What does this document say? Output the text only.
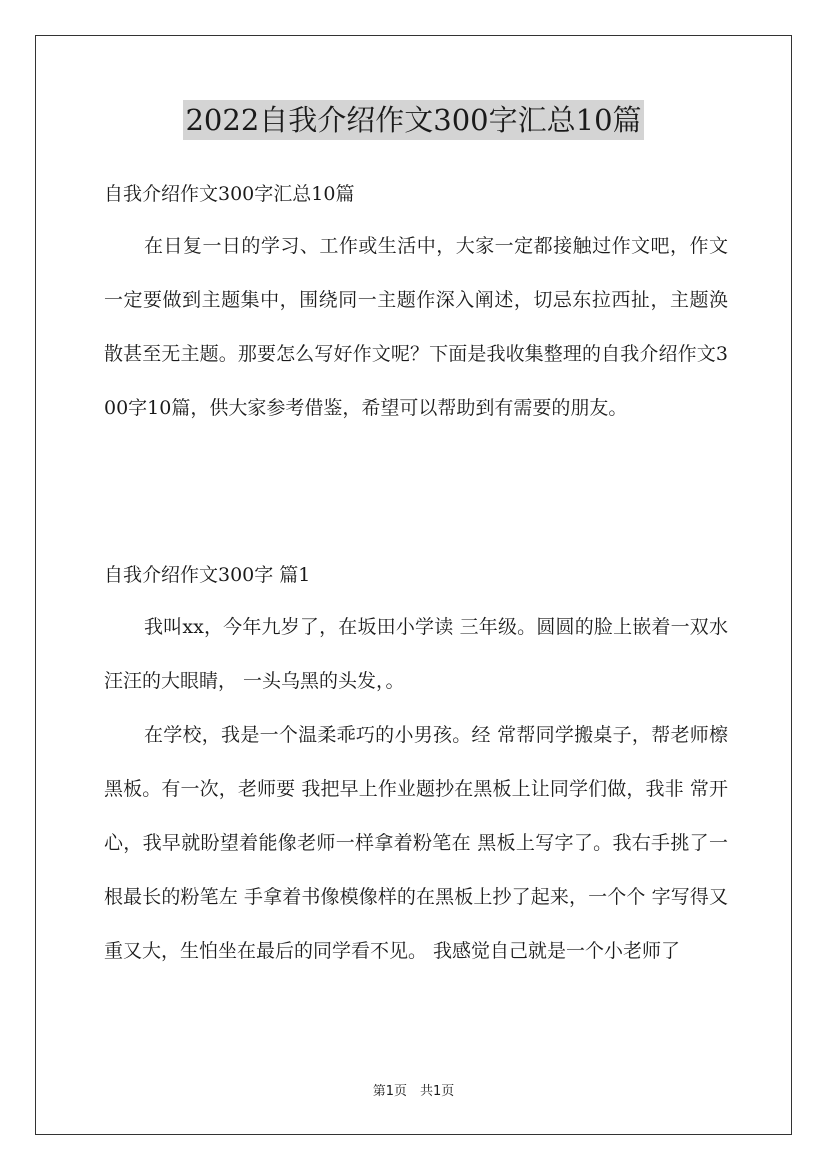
2022自我介绍作文300字汇总10篇
自我介绍作文300字汇总10篇
在日复一日的学习、工作或生活中，大家一定都接触过作文吧，作文一定要做到主题集中，围绕同一主题作深入阐述，切忌东拉西扯，主题涣散甚至无主题。那要怎么写好作文呢？下面是我收集整理的自我介绍作文300字10篇，供大家参考借鉴，希望可以帮助到有需要的朋友。
自我介绍作文300字 篇1
我叫xx，今年九岁了，在坂田小学读 三年级。圆圆的脸上嵌着一双水汪汪的大眼睛， 一头乌黑的头发，。
在学校，我是一个温柔乖巧的小男孩。经 常帮同学搬桌子，帮老师檫黑板。有一次，老师要 我把早上作业题抄在黑板上让同学们做，我非 常开心，我早就盼望着能像老师一样拿着粉笔在 黑板上写字了。我右手挑了一根最长的粉笔左 手拿着书像模像样的在黑板上抄了起来，一个个 字写得又重又大，生怕坐在最后的同学看不见。 我感觉自己就是一个小老师了
第1页　共1页
